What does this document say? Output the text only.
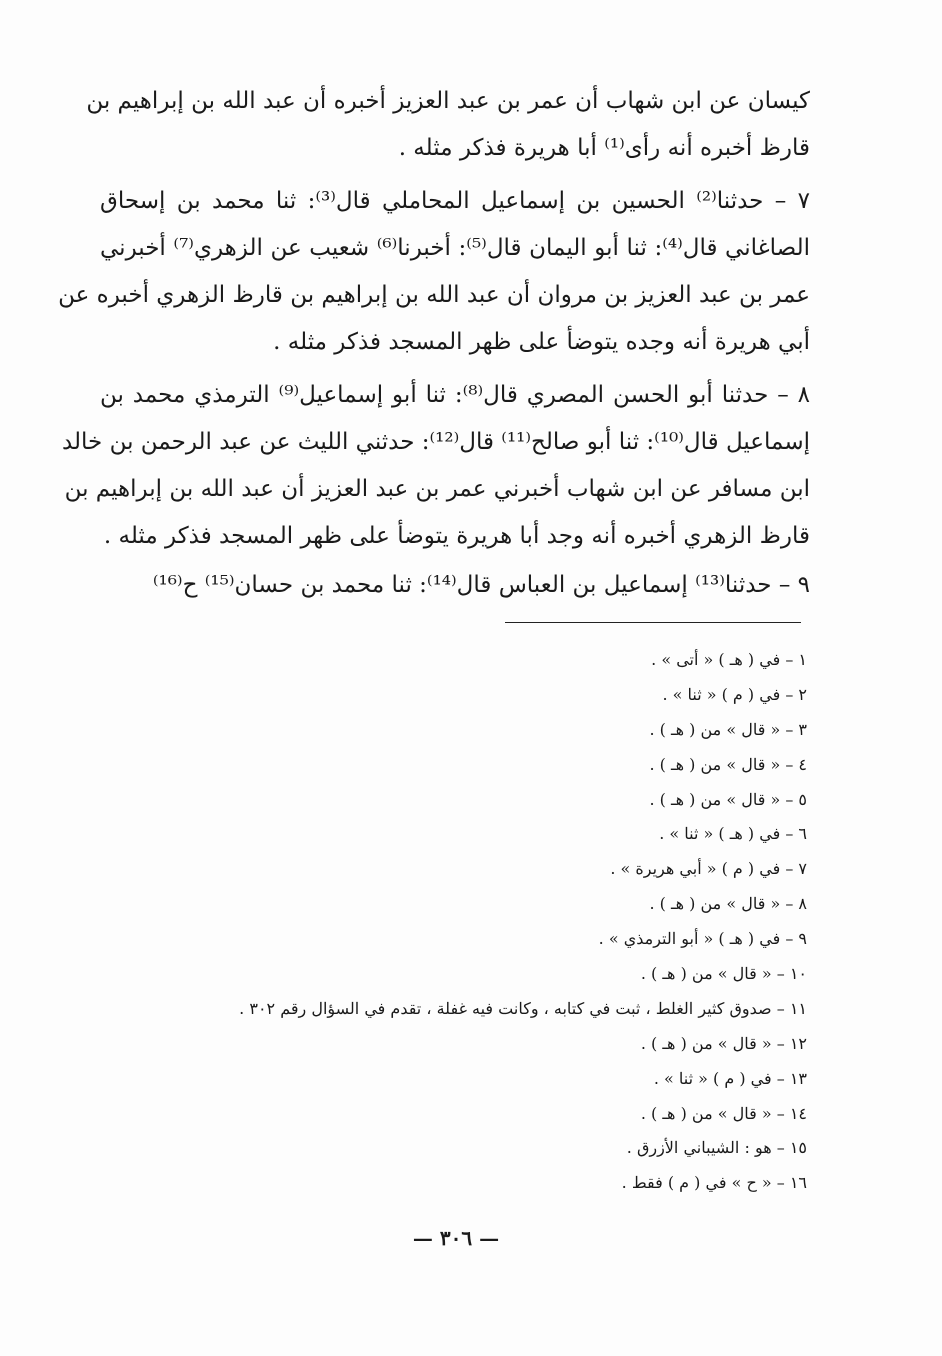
كيسان عن ابن شهاب أن عمر بن عبد العزيز أخبره أن عبد الله بن إبراهيم بن
قارظ أخبره أنه رأى⁽¹⁾ أبا هريرة فذكر مثله .
٧ – حدثنا⁽²⁾ الحسين بن إسماعيل المحاملي قال⁽³⁾: ثنا محمد بن إسحاق
الصاغاني قال⁽⁴⁾: ثنا أبو اليمان قال⁽⁵⁾: أخبرنا⁽⁶⁾ شعيب عن الزهري⁽⁷⁾ أخبرني
عمر بن عبد العزيز بن مروان أن عبد الله بن إبراهيم بن قارظ الزهري أخبره عن
أبي هريرة أنه وجده يتوضأ على ظهر المسجد فذكر مثله .
٨ – حدثنا أبو الحسن المصري قال⁽⁸⁾: ثنا أبو إسماعيل⁽⁹⁾ الترمذي محمد بن
إسماعيل قال⁽¹⁰⁾: ثنا أبو صالح⁽¹¹⁾ قال⁽¹²⁾: حدثني الليث عن عبد الرحمن بن خالد
ابن مسافر عن ابن شهاب أخبرني عمر بن عبد العزيز أن عبد الله بن إبراهيم بن
قارظ الزهري أخبره أنه وجد أبا هريرة يتوضأ على ظهر المسجد فذكر مثله .
٩ – حدثنا⁽¹³⁾ إسماعيل بن العباس قال⁽¹⁴⁾: ثنا محمد بن حسان⁽¹⁵⁾ ح⁽¹⁶⁾
١ – في ( هـ ) « أتى » .
٢ – في ( م ) « ثنا » .
٣ – « قال » من ( هـ ) .
٤ – « قال » من ( هـ ) .
٥ – « قال » من ( هـ ) .
٦ – في ( هـ ) « ثنا » .
٧ – في ( م ) « أبي هريرة » .
٨ – « قال » من ( هـ ) .
٩ – في ( هـ ) « أبو الترمذي » .
١٠ – « قال » من ( هـ ) .
١١ – صدوق كثير الغلط ، ثبت في كتابه ، وكانت فيه غفلة ، تقدم في السؤال رقم ٣٠٢ .
١٢ – « قال » من ( هـ ) .
١٣ – في ( م ) « ثنا » .
١٤ – « قال » من ( هـ ) .
١٥ – هو : الشيباني الأزرق .
١٦ – « ح » في ( م ) فقط .
— ٣٠٦ —
